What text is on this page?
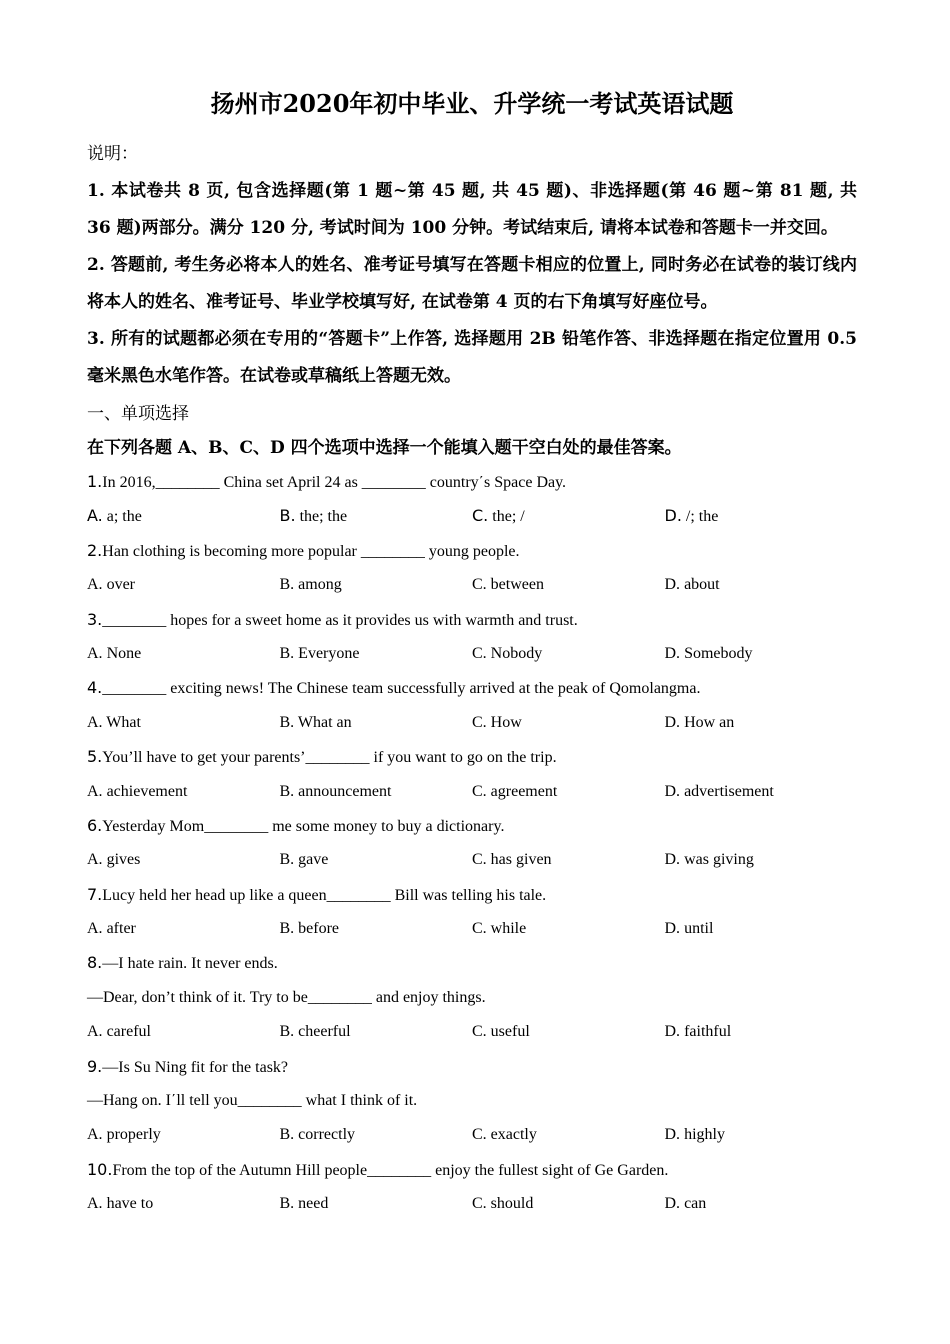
扬州市2020年初中毕业、升学统一考试英语试题
说明：
1. 本试卷共 8 页, 包含选择题(第 1 题~第 45 题, 共 45 题)、非选择题(第 46 题~第 81 题, 共 36 题)两部分。满分 120 分, 考试时间为 100 分钟。考试结束后, 请将本试卷和答题卡一并交回。
2. 答题前, 考生务必将本人的姓名、准考证号填写在答题卡相应的位置上, 同时务必在试卷的装订线内将本人的姓名、准考证号、毕业学校填写好, 在试卷第 4 页的右下角填写好座位号。
3. 所有的试题都必须在专用的“答题卡”上作答, 选择题用 2B 铅笔作答、非选择题在指定位置用 0.5 毫米黑色水笔作答。在试卷或草稿纸上答题无效。
一、单项选择
在下列各题 A、B、C、D 四个选项中选择一个能填入题干空白处的最佳答案。
1.In 2016,________ China set April 24 as ________ country΄s Space Day.
A. a; the	B. the; the	C. the; /	D. /; the
2.Han clothing is becoming more popular ________ young people.
A. over	B. among	C. between	D. about
3.________ hopes for a sweet home as it provides us with warmth and trust.
A. None	B. Everyone	C. Nobody	D. Somebody
4.________ exciting news! The Chinese team successfully arrived at the peak of Qomolangma.
A. What	B. What an	C. How	D. How an
5.You’ll have to get your parents’________ if you want to go on the trip.
A. achievement	B. announcement	C. agreement	D. advertisement
6.Yesterday Mom________ me some money to buy a dictionary.
A. gives	B. gave	C. has given	D. was giving
7.Lucy held her head up like a queen________ Bill was telling his tale.
A. after	B. before	C. while	D. until
8.—I hate rain. It never ends.
—Dear, don’t think of it. Try to be________ and enjoy things.
A. careful	B. cheerful	C. useful	D. faithful
9.—Is Su Ning fit for the task?
—Hang on. I΄ll tell you________ what I think of it.
A. properly	B. correctly	C. exactly	D. highly
10.From the top of the Autumn Hill people________ enjoy the fullest sight of Ge Garden.
A. have to	B. need	C. should	D. can
